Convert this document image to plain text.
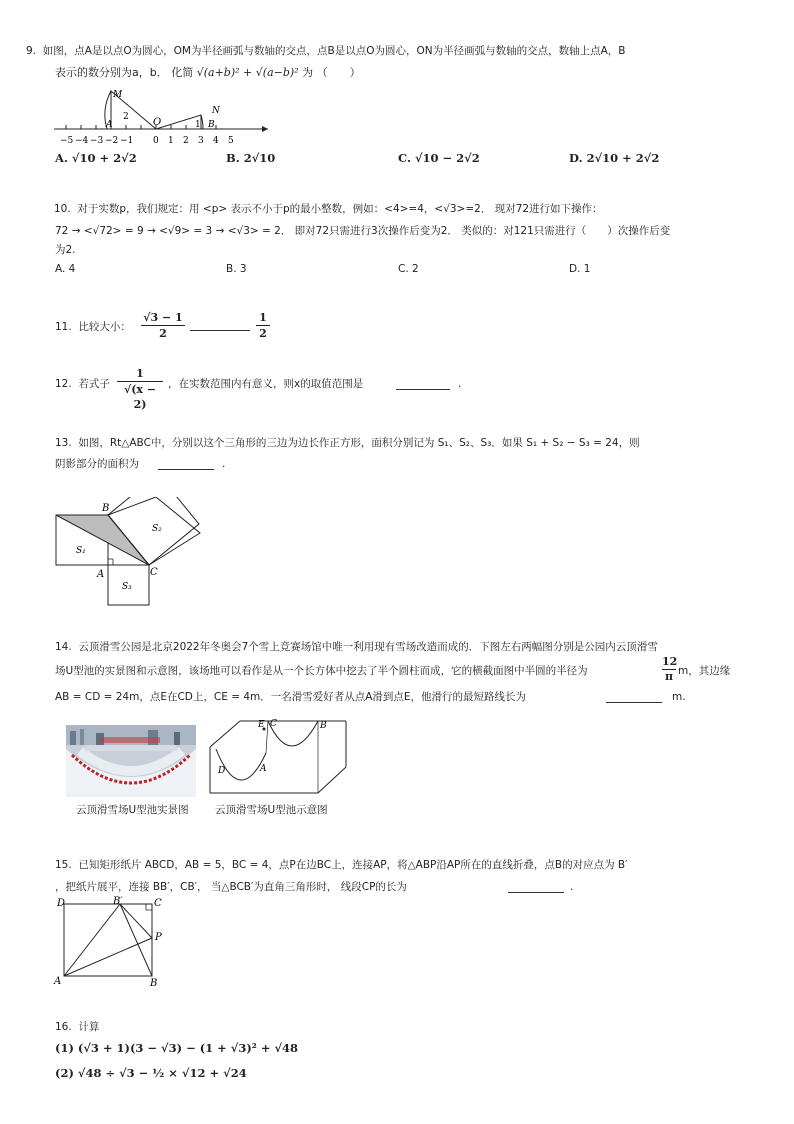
9. 如图，点A是以点O为圆心，OM为半径画弧与数轴的交点，点B是以点O为圆心，ON为半径画弧与数轴的交点，数轴上点A，B
表示的数分别为a，b． 化简 √(a+b)² + √(a−b)² 为 （　　）
M
2
A	O
N
1 B
−5 −4 −3 −2 −1 0 1 2 3 4 5
A. √10 + 2√2	B. 2√10	C. √10 − 2√2	D. 2√10 + 2√2
10. 对于实数p，我们规定：用 <p> 表示不小于p的最小整数，例如：<4>=4，<√3>=2． 现对72进行如下操作：
72 → <√72> = 9 → <√9> = 3 → <√3> = 2． 即对72只需进行3次操作后变为2． 类似的：对121只需进行（　　）次操作后变
为2.
A. 4	B. 3	C. 2	D. 1
11. 比较大小： $\frac{√3 - 1}{2}$	$\frac{1}{2}$
12. 若式子 $\frac{1}{√(x - 2)}$ ，在实数范围内有意义，则x的取值范围是	.
13. 如图，Rt△ABC中，分别以这个三角形的三边为边长作正方形，面积分别记为 S₁、S₂、S₃．如果 S₁ + S₂ − S₃ = 24，则
阴影部分的面积为	.
B
A	C
S₁
S₂
S₃
14. 云顶滑雪公园是北京2022年冬奥会7个雪上竞赛场馆中唯一利用现有雪场改造而成的．下图左右两幅图分别是公园内云顶滑雪
场U型池的实景图和示意图，该场地可以看作是从一个长方体中挖去了半个圆柱而成，它的横截面图中半圆的半径为	$\frac{12}{\pi}$ m，其边缘
AB = CD = 24m，点E在CD上，CE = 4m．一名滑雪爱好者从点A滑到点E，他滑行的最短路线长为	m.
E C	B
D	A
云顶滑雪场U型池实景图	云顶滑雪场U型池示意图
15. 已知矩形纸片 ABCD，AB = 5，BC = 4，点P在边BC上，连接AP，将△ABP沿AP所在的直线折叠，点B的对应点为 B′
，把纸片展平，连接 BB′，CB′， 当△BCB′为直角三角形时， 线段CP的长为	.
D	B′	C
P
A	B
16. 计算
(1) (√3 + 1)(3 − √3) − (1 + √3)² + √48
(2) √48 ÷ √3 − ½ × √12 + √24
